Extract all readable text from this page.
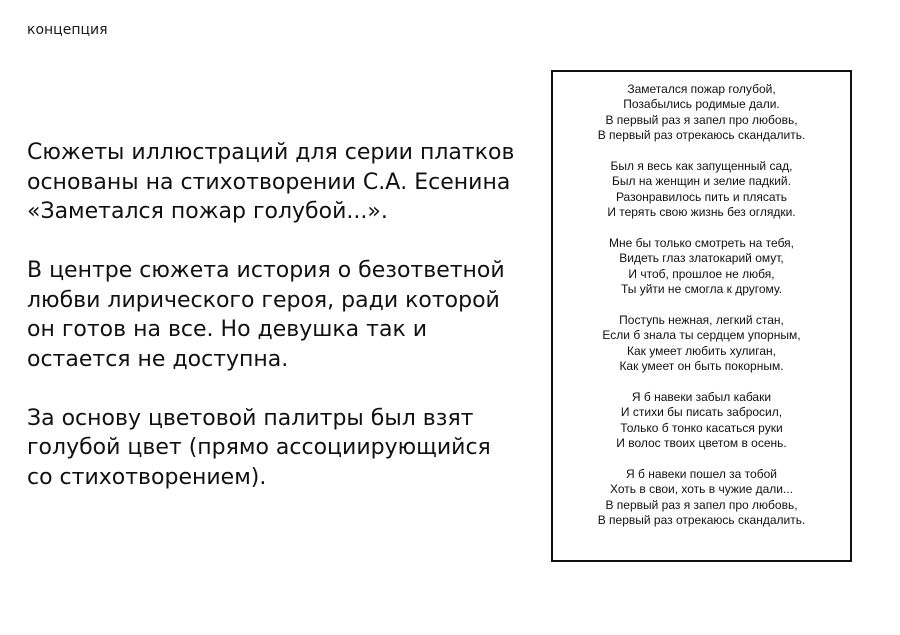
концепция

Сюжеты иллюстраций для серии платков
основаны на стихотворении С.А. Есенина
«Заметался пожар голубой...».

В центре сюжета история о безответной
любви лирического героя, ради которой
он готов на все. Но девушка так и
остается не доступна.

За основу цветовой палитры был взят
голубой цвет (прямо ассоциирующийся
со стихотворением).

Заметался пожар голубой,
Позабылись родимые дали.
В первый раз я запел про любовь,
В первый раз отрекаюсь скандалить.
Был я весь как запущенный сад,
Был на женщин и зелие падкий.
Разонравилось пить и плясать
И терять свою жизнь без оглядки.
Мне бы только смотреть на тебя,
Видеть глаз златокарий омут,
И чтоб, прошлое не любя,
Ты уйти не смогла к другому.
Поступь нежная, легкий стан,
Если б знала ты сердцем упорным,
Как умеет любить хулиган,
Как умеет он быть покорным.
Я б навеки забыл кабаки
И стихи бы писать забросил,
Только б тонко касаться руки
И волос твоих цветом в осень.
Я б навеки пошел за тобой
Хоть в свои, хоть в чужие дали...
В первый раз я запел про любовь,
В первый раз отрекаюсь скандалить.
